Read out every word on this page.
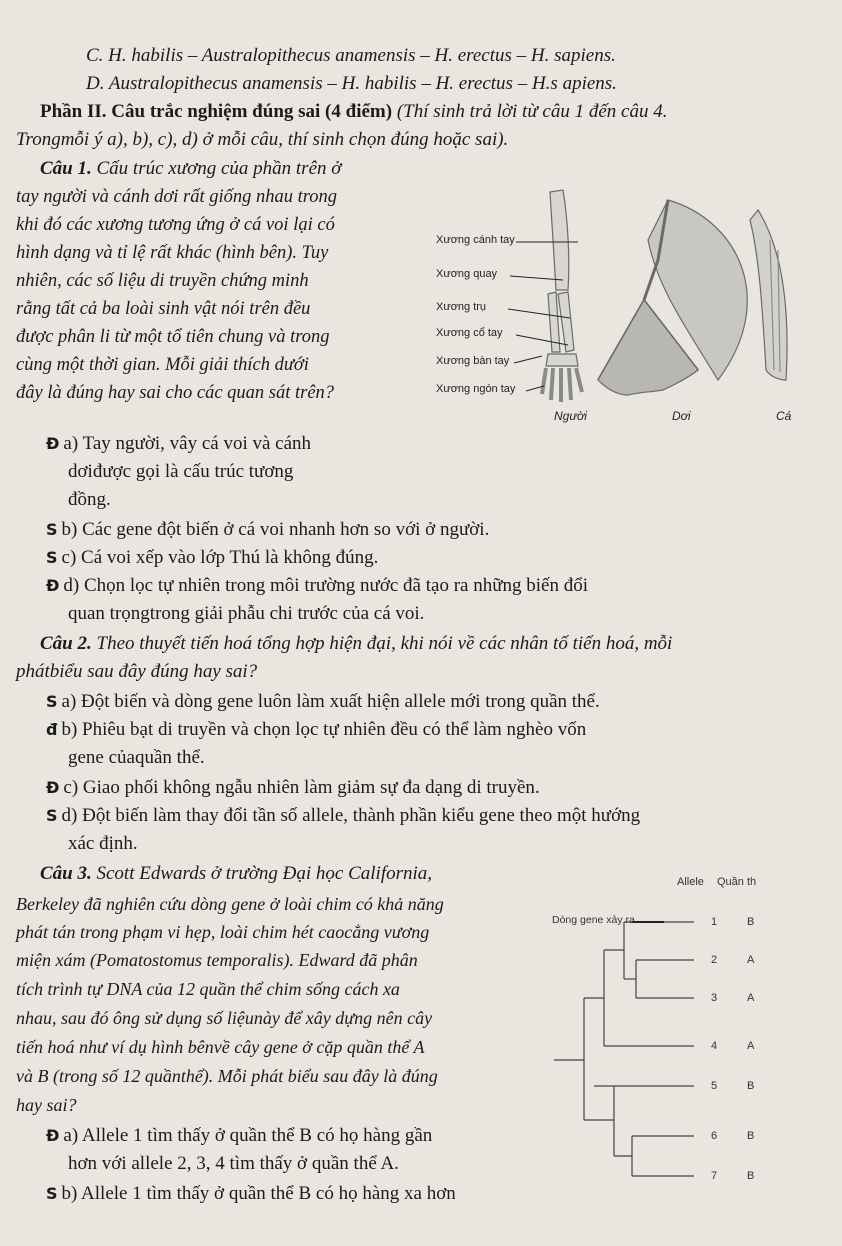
C. H. habilis – Australopithecus anamensis – H. erectus – H. sapiens.
D. Australopithecus anamensis – H. habilis – H. erectus – H.s apiens.
Phần II. Câu trắc nghiệm đúng sai (4 điểm) (Thí sinh trả lời từ câu 1 đến câu 4.
Trongmỗi ý a), b), c), d) ở mỗi câu, thí sinh chọn đúng hoặc sai).
Câu 1. Cấu trúc xương của phần trên ở
tay người và cánh dơi rất giống nhau trong
khi đó các xương tương ứng ở cá voi lại có
hình dạng và tỉ lệ rất khác (hình bên). Tuy
nhiên, các số liệu di truyền chứng minh
rằng tất cả ba loài sinh vật nói trên đều
được phân li từ một tổ tiên chung và trong
cùng một thời gian. Mỗi giải thích dưới
đây là đúng hay sai cho các quan sát trên?
Xương cánh tay
Xương quay
Xương trụ
Xương cổ tay
Xương bàn tay
Xương ngón tay
Người	Dơi	Cá
Đ a) Tay người, vây cá voi và cánh
dơiđược gọi là cấu trúc tương
đồng.
S b) Các gene đột biến ở cá voi nhanh hơn so với ở người.
S c) Cá voi xếp vào lớp Thú là không đúng.
Đ d) Chọn lọc tự nhiên trong môi trường nước đã tạo ra những biến đổi
quan trọngtrong giải phẫu chi trước của cá voi.
Câu 2. Theo thuyết tiến hoá tổng hợp hiện đại, khi nói về các nhân tố tiến hoá, mỗi
phátbiểu sau đây đúng hay sai?
S a) Đột biến và dòng gene luôn làm xuất hiện allele mới trong quần thể.
đ b) Phiêu bạt di truyền và chọn lọc tự nhiên đều có thể làm nghèo vốn
gene củaquần thể.
Đ c) Giao phối không ngẫu nhiên làm giảm sự đa dạng di truyền.
S d) Đột biến làm thay đổi tần số allele, thành phần kiểu gene theo một hướng
xác định.
Câu 3. Scott Edwards ở trường Đại học California,
Berkeley đã nghiên cứu dòng gene ở loài chim có khả năng
phát tán trong phạm vi hẹp, loài chim hét caocẳng vương
miện xám (Pomatostomus temporalis). Edward đã phân
tích trình tự DNA của 12 quần thể chim sống cách xa
nhau, sau đó ông sử dụng số liệunày để xây dựng nên cây
tiến hoá như ví dụ hình bênvề cây gene ở cặp quần thể A
và B (trong số 12 quầnthể). Mỗi phát biểu sau đây là đúng
hay sai?
Allele Quần th
Dòng gene xảy ra	1	B
2	A
3	A
4	A
5	B
6	B
7	B
Đ a) Allele 1 tìm thấy ở quần thể B có họ hàng gần
hơn với allele 2, 3, 4 tìm thấy ở quần thể A.
S b) Allele 1 tìm thấy ở quần thể B có họ hàng xa hơn
